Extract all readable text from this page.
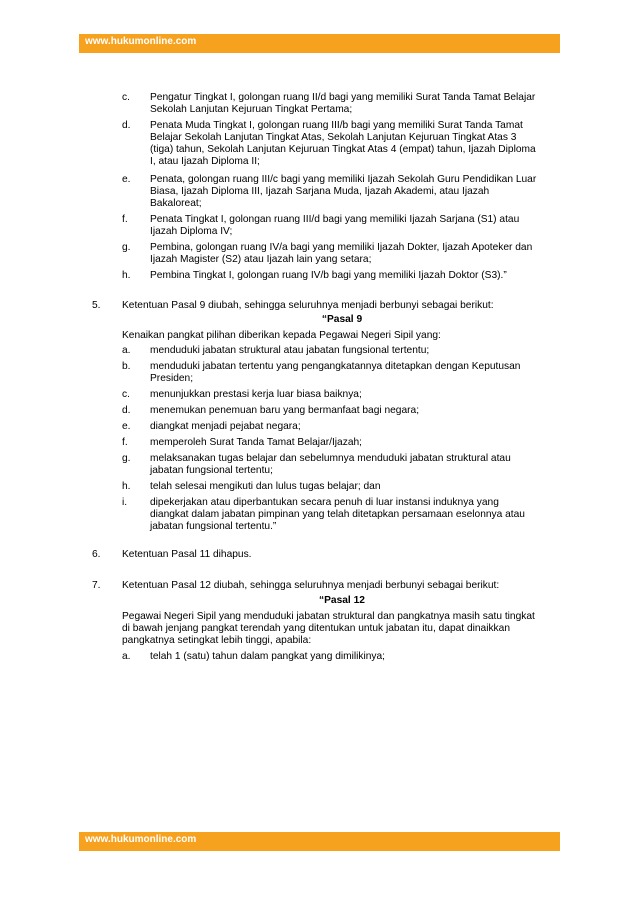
www.hukumonline.com
c. Pengatur Tingkat I, golongan ruang II/d bagi yang memiliki Surat Tanda Tamat Belajar
Sekolah Lanjutan Kejuruan Tingkat Pertama;
d. Penata Muda Tingkat I, golongan ruang III/b bagi yang memiliki Surat Tanda Tamat
Belajar Sekolah Lanjutan Tingkat Atas, Sekolah Lanjutan Kejuruan Tingkat Atas 3
(tiga) tahun, Sekolah Lanjutan Kejuruan Tingkat Atas 4 (empat) tahun, Ijazah Diploma
I, atau Ijazah Diploma II;
e. Penata, golongan ruang III/c bagi yang memiliki Ijazah Sekolah Guru Pendidikan Luar
Biasa, Ijazah Diploma III, Ijazah Sarjana Muda, Ijazah Akademi, atau Ijazah
Bakaloreat;
f. Penata Tingkat I, golongan ruang III/d bagi yang memiliki Ijazah Sarjana (S1) atau
Ijazah Diploma IV;
g. Pembina, golongan ruang IV/a bagi yang memiliki Ijazah Dokter, Ijazah Apoteker dan
Ijazah Magister (S2) atau Ijazah lain yang setara;
h. Pembina Tingkat I, golongan ruang IV/b bagi yang memiliki Ijazah Doktor (S3).”
5. Ketentuan Pasal 9 diubah, sehingga seluruhnya menjadi berbunyi sebagai berikut:
“Pasal 9
Kenaikan pangkat pilihan diberikan kepada Pegawai Negeri Sipil yang:
a. menduduki jabatan struktural atau jabatan fungsional tertentu;
b. menduduki jabatan tertentu yang pengangkatannya ditetapkan dengan Keputusan
Presiden;
c. menunjukkan prestasi kerja luar biasa baiknya;
d. menemukan penemuan baru yang bermanfaat bagi negara;
e. diangkat menjadi pejabat negara;
f. memperoleh Surat Tanda Tamat Belajar/Ijazah;
g. melaksanakan tugas belajar dan sebelumnya menduduki jabatan struktural atau
jabatan fungsional tertentu;
h. telah selesai mengikuti dan lulus tugas belajar; dan
i. dipekerjakan atau diperbantukan secara penuh di luar instansi induknya yang
diangkat dalam jabatan pimpinan yang telah ditetapkan persamaan eselonnya atau
jabatan fungsional tertentu.”
6. Ketentuan Pasal 11 dihapus.
7. Ketentuan Pasal 12 diubah, sehingga seluruhnya menjadi berbunyi sebagai berikut:
“Pasal 12
Pegawai Negeri Sipil yang menduduki jabatan struktural dan pangkatnya masih satu tingkat
di bawah jenjang pangkat terendah yang ditentukan untuk jabatan itu, dapat dinaikkan
pangkatnya setingkat lebih tinggi, apabila:
a. telah 1 (satu) tahun dalam pangkat yang dimilikinya;
www.hukumonline.com
